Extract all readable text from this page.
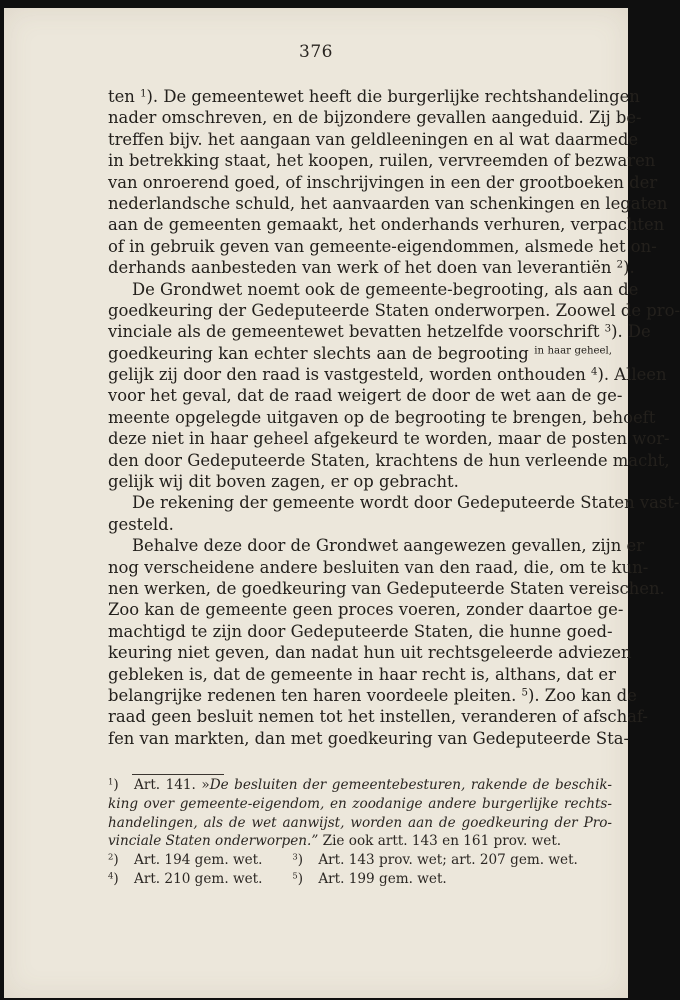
376
ten $^1$). De gemeentewet heeft die burgerlijke rechtshandelingen
nader omschreven, en de bijzondere gevallen aangeduid. Zij be-
treffen bijv. het aangaan van geldleeningen en al wat daarmede
in betrekking staat, het koopen, ruilen, vervreemden of bezwaren
van onroerend goed, of inschrijvingen in een der grootboeken der
nederlandsche schuld, het aanvaarden van schenkingen en legaten
aan de gemeenten gemaakt, het onderhands verhuren, verpachten
of in gebruik geven van gemeente-eigendommen, alsmede het on-
derhands aanbesteden van werk of het doen van leverantiën $^2$).
De Grondwet noemt ook de gemeente-begrooting, als aan de
goedkeuring der Gedeputeerde Staten onderworpen. Zoowel de pro-
vinciale als de gemeentewet bevatten hetzelfde voorschrift $^3$). De
goedkeuring kan echter slechts aan de begrooting $^{in haar geheel,}$
gelijk zij door den raad is vastgesteld, worden onthouden $^4$). Alleen
voor het geval, dat de raad weigert de door de wet aan de ge-
meente opgelegde uitgaven op de begrooting te brengen, behoeft
deze niet in haar geheel afgekeurd te worden, maar de posten wor-
den door Gedeputeerde Staten, krachtens de hun verleende macht,
gelijk wij dit boven zagen, er op gebracht.
De rekening der gemeente wordt door Gedeputeerde Staten vast-
gesteld.
Behalve deze door de Grondwet aangewezen gevallen, zijn er
nog verscheidene andere besluiten van den raad, die, om te kun-
nen werken, de goedkeuring van Gedeputeerde Staten vereischen.
Zoo kan de gemeente geen proces voeren, zonder daartoe ge-
machtigd te zijn door Gedeputeerde Staten, die hunne goed-
keuring niet geven, dan nadat hun uit rechtsgeleerde adviezen
gebleken is, dat de gemeente in haar recht is, althans, dat er
belangrijke redenen ten haren voordeele pleiten. $^5$). Zoo kan de
raad geen besluit nemen tot het instellen, veranderen of afschaf-
fen van markten, dan met goedkeuring van Gedeputeerde Sta-
$^1$) Art. 141. »De besluiten der gemeentebesturen, rakende de beschik-
king over gemeente-eigendom, en zoodanige andere burgerlijke rechts-
handelingen, als de wet aanwijst, worden aan de goedkeuring der Pro-
vinciale Staten onderworpen.” Zie ook artt. 143 en 161 prov. wet.
$^2$) Art. 194 gem. wet.	$^3$) Art. 143 prov. wet; art. 207 gem. wet.
$^4$) Art. 210 gem. wet.	$^5$) Art. 199 gem. wet.
